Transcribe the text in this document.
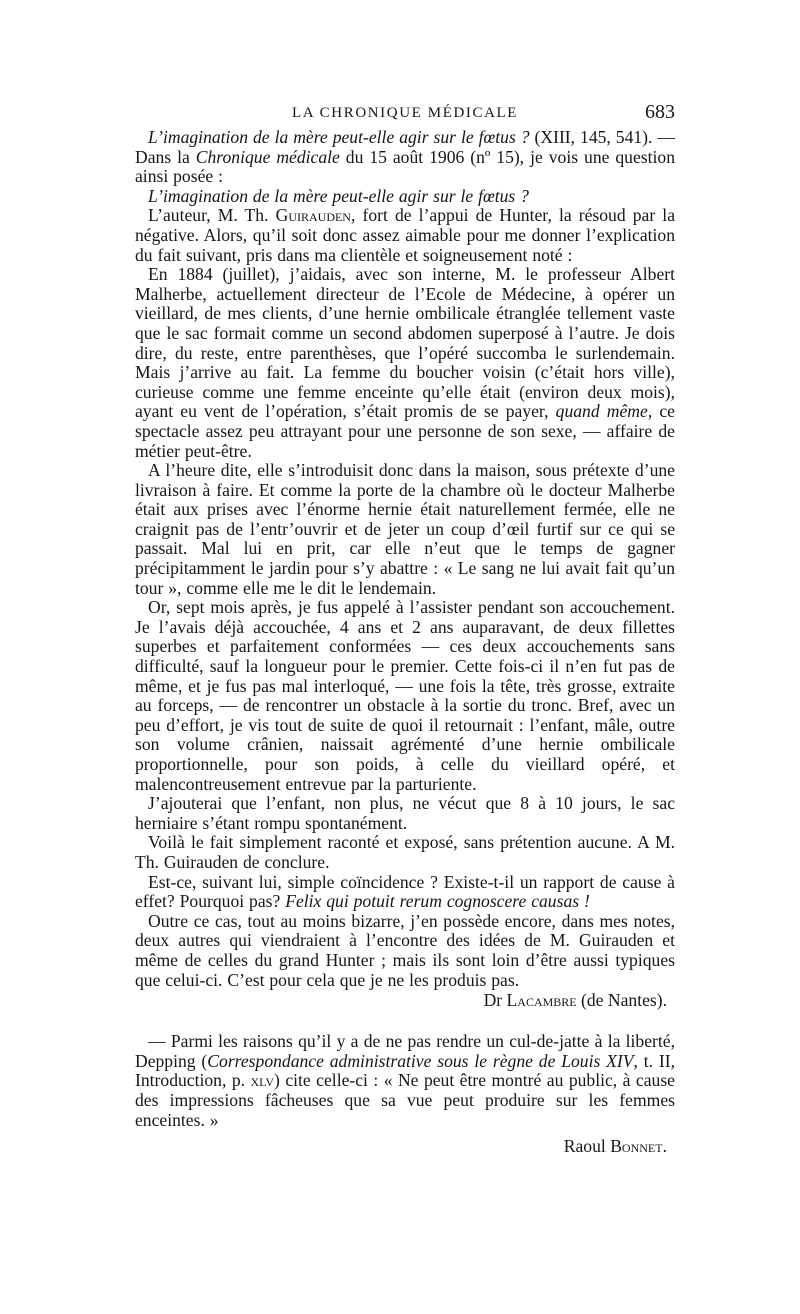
LA CHRONIQUE MÉDICALE	683

L’imagination de la mère peut-elle agir sur le fœtus ? (XIII, 145, 541). — Dans la Chronique médicale du 15 août 1906 (nº 15), je vois une question ainsi posée :

L’imagination de la mère peut-elle agir sur le fœtus ?

L’auteur, M. Th. Guirauden, fort de l’appui de Hunter, la résoud par la négative. Alors, qu’il soit donc assez aimable pour me donner l’explication du fait suivant, pris dans ma clientèle et soigneusement noté :

En 1884 (juillet), j’aidais, avec son interne, M. le professeur Albert Malherbe, actuellement directeur de l’Ecole de Médecine, à opérer un vieillard, de mes clients, d’une hernie ombilicale étranglée tellement vaste que le sac formait comme un second abdomen superposé à l’autre. Je dois dire, du reste, entre parenthèses, que l’opéré succomba le surlendemain. Mais j’arrive au fait. La femme du boucher voisin (c’était hors ville), curieuse comme une femme enceinte qu’elle était (environ deux mois), ayant eu vent de l’opération, s’était promis de se payer, quand même, ce spectacle assez peu attrayant pour une personne de son sexe, — affaire de métier peut-être.

A l’heure dite, elle s’introduisit donc dans la maison, sous prétexte d’une livraison à faire. Et comme la porte de la chambre où le docteur Malherbe était aux prises avec l’énorme hernie était naturellement fermée, elle ne craignit pas de l’entr’ouvrir et de jeter un coup d’œil furtif sur ce qui se passait. Mal lui en prit, car elle n’eut que le temps de gagner précipitamment le jardin pour s’y abattre : « Le sang ne lui avait fait qu’un tour », comme elle me le dit le lendemain.

Or, sept mois après, je fus appelé à l’assister pendant son accouchement. Je l’avais déjà accouchée, 4 ans et 2 ans auparavant, de deux fillettes superbes et parfaitement conformées — ces deux accouchements sans difficulté, sauf la longueur pour le premier. Cette fois-ci il n’en fut pas de même, et je fus pas mal interloqué, — une fois la tête, très grosse, extraite au forceps, — de rencontrer un obstacle à la sortie du tronc. Bref, avec un peu d’effort, je vis tout de suite de quoi il retournait : l’enfant, mâle, outre son volume crânien, naissait agrémenté d’une hernie ombilicale proportionnelle, pour son poids, à celle du vieillard opéré, et malencontreusement entrevue par la parturiente.

J’ajouterai que l’enfant, non plus, ne vécut que 8 à 10 jours, le sac herniaire s’étant rompu spontanément.

Voilà le fait simplement raconté et exposé, sans prétention aucune. A M. Th. Guirauden de conclure.

Est-ce, suivant lui, simple coïncidence ? Existe-t-il un rapport de cause à effet? Pourquoi pas? Felix qui potuit rerum cognoscere causas !

Outre ce cas, tout au moins bizarre, j’en possède encore, dans mes notes, deux autres qui viendraient à l’encontre des idées de M. Guirauden et même de celles du grand Hunter ; mais ils sont loin d’être aussi typiques que celui-ci. C’est pour cela que je ne les produis pas.

Dr Lacambre (de Nantes).

— Parmi les raisons qu’il y a de ne pas rendre un cul-de-jatte à la liberté, Depping (Correspondance administrative sous le règne de Louis XIV, t. II, Introduction, p. xlv) cite celle-ci : « Ne peut être montré au public, à cause des impressions fâcheuses que sa vue peut produire sur les femmes enceintes. »

Raoul Bonnet.
